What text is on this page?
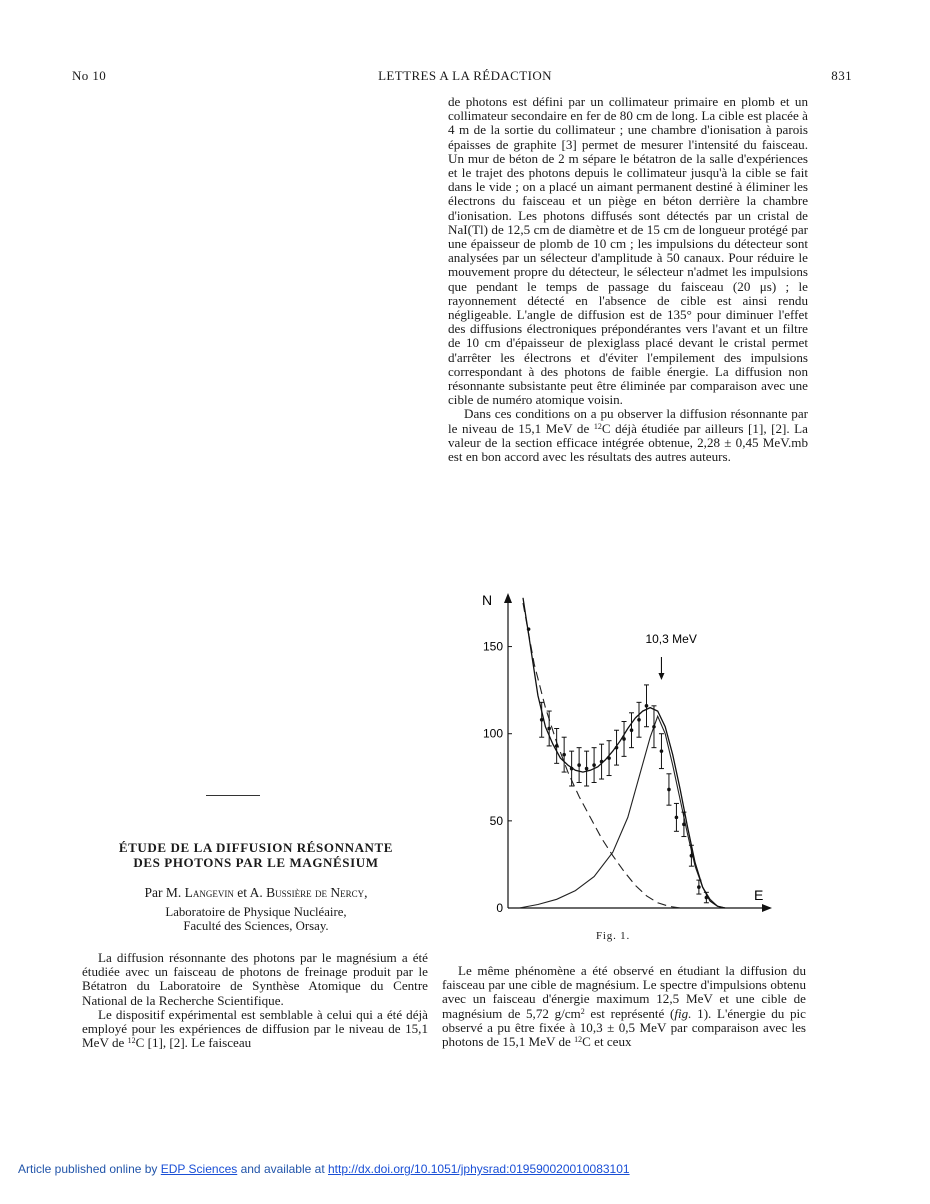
No 10	LETTRES A LA RÉDACTION	831

de photons est défini par un collimateur primaire en plomb et un collimateur secondaire en fer de 80 cm de long. La cible est placée à 4 m de la sortie du collimateur ; une chambre d'ionisation à parois épaisses de graphite [3] permet de mesurer l'intensité du faisceau. Un mur de béton de 2 m sépare le bétatron de la salle d'expériences et le trajet des photons depuis le collimateur jusqu'à la cible se fait dans le vide ; on a placé un aimant permanent destiné à éliminer les électrons du faisceau et un piège en béton derrière la chambre d'ionisation. Les photons diffusés sont détectés par un cristal de NaI(Tl) de 12,5 cm de diamètre et de 15 cm de longueur protégé par une épaisseur de plomb de 10 cm ; les impulsions du détecteur sont analysées par un sélecteur d'amplitude à 50 canaux. Pour réduire le mouvement propre du détecteur, le sélecteur n'admet les impulsions que pendant le temps de passage du faisceau (20 μs) ; le rayonnement détecté en l'absence de cible est ainsi rendu négligeable. L'angle de diffusion est de 135° pour diminuer l'effet des diffusions électroniques prépondérantes vers l'avant et un filtre de 10 cm d'épaisseur de plexiglass placé devant le cristal permet d'arrêter les électrons et d'éviter l'empilement des impulsions correspondant à des photons de faible énergie. La diffusion non résonnante subsistante peut être éliminée par comparaison avec une cible de numéro atomique voisin.

Dans ces conditions on a pu observer la diffusion résonnante par le niveau de 15,1 MeV de $^{12}$C déjà étudiée par ailleurs [1], [2]. La valeur de la section efficace intégrée obtenue, 2,28 ± 0,45 MeV.mb est en bon accord avec les résultats des autres auteurs.

ÉTUDE DE LA DIFFUSION RÉSONNANTE
DES PHOTONS PAR LE MAGNÉSIUM
Par M. Langevin et A. Bussière de Nercy,
Laboratoire de Physique Nucléaire,
Faculté des Sciences, Orsay.

La diffusion résonnante des photons par le magnésium a été étudiée avec un faisceau de photons de freinage produit par le Bétatron du Laboratoire de Synthèse Atomique du Centre National de la Recherche Scientifique.

Le dispositif expérimental est semblable à celui qui a été déjà employé pour les expériences de diffusion par le niveau de 15,1 MeV de $^{12}$C [1], [2]. Le faisceau

N
E
0
50
100
150
10,3 MeV
Fig. 1.

Le même phénomène a été observé en étudiant la diffusion du faisceau par une cible de magnésium. Le spectre d'impulsions obtenu avec un faisceau d'énergie maximum 12,5 MeV et une cible de magnésium de 5,72 $g/cm^2$ est représenté (fig. 1). L'énergie du pic observé a pu être fixée à 10,3 ± 0,5 MeV par comparaison avec les photons de 15,1 MeV de $^{12}$C et ceux

Article published online by EDP Sciences and available at http://dx.doi.org/10.1051/jphysrad:019590020010083101
